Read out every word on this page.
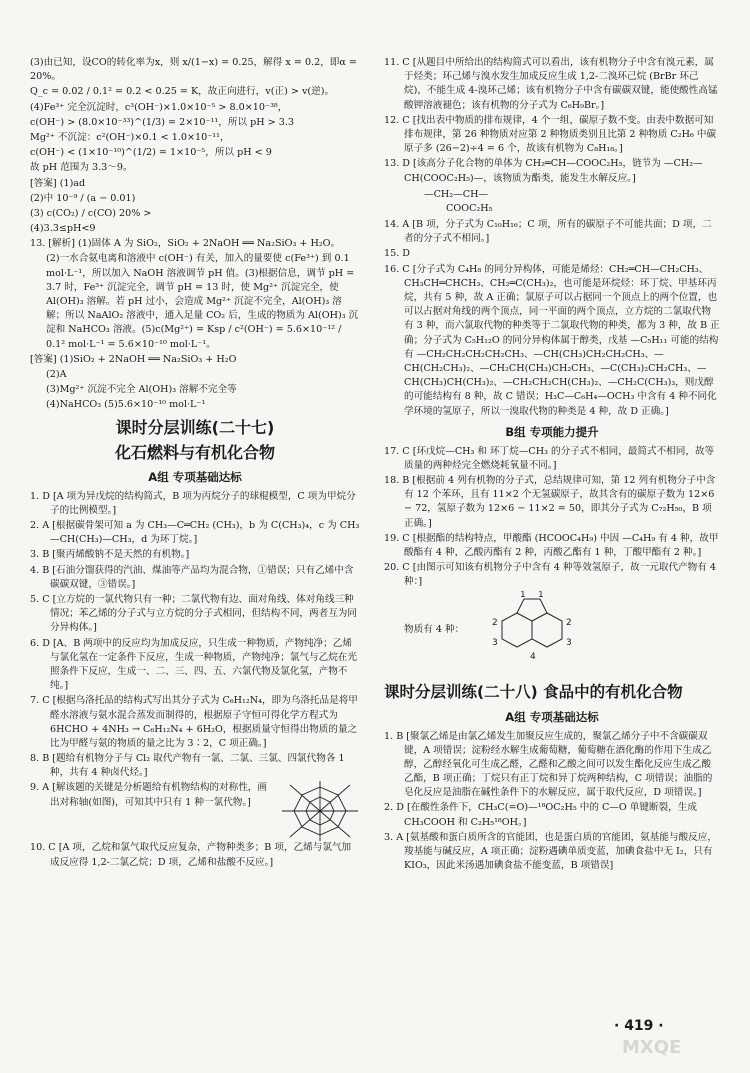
(3)由已知，设CO的转化率为x，则 x/(1−x) = 0.25，解得 x = 0.2，即α = 20%。

Q_c = 0.02 / 0.1² = 0.2 < 0.25 = K，故正向进行，v(正) > v(逆)。

(4)Fe³⁺ 完全沉淀时，c³(OH⁻)×1.0×10⁻⁵ > 8.0×10⁻³⁸，

c(OH⁻) > (8.0×10⁻³³)^(1/3) = 2×10⁻¹¹，所以 pH > 3.3

Mg²⁺ 不沉淀：c²(OH⁻)×0.1 < 1.0×10⁻¹¹，

c(OH⁻) < (1×10⁻¹⁰)^(1/2) = 1×10⁻⁵，所以 pH < 9

故 pH 范围为 3.3～9。

[答案] (1)ad

(2)中 10⁻⁹ / (a − 0.01)

(3) c(CO₂) / c(CO) 20% >

(4)3.3≤pH<9

13. [解析] (1)固体 A 为 SiO₂，SiO₂ + 2NaOH ══ Na₂SiO₃ + H₂O。

(2)一水合氨电离和溶液中 c(OH⁻) 有关，加入的量要使 c(Fe³⁺) 到 0.1 mol·L⁻¹，所以加入 NaOH 溶液调节 pH 值。(3)根据信息，调节 pH = 3.7 时，Fe³⁺ 沉淀完全，调节 pH = 13 时，使 Mg²⁺ 沉淀完全，使 Al(OH)₃ 溶解。若 pH 过小，会造成 Mg²⁺ 沉淀不完全，Al(OH)₃ 溶解；所以 NaAlO₂ 溶液中，通入足量 CO₂ 后，生成的物质为 Al(OH)₃ 沉淀和 NaHCO₃ 溶液。(5)c(Mg²⁺) = Ksp / c²(OH⁻) = 5.6×10⁻¹² / 0.1² mol·L⁻¹ = 5.6×10⁻¹⁰ mol·L⁻¹。

[答案] (1)SiO₂ + 2NaOH ══ Na₂SiO₃ + H₂O

(2)A

(3)Mg²⁺ 沉淀不完全 Al(OH)₃ 溶解不完全等

(4)NaHCO₃ (5)5.6×10⁻¹⁰ mol·L⁻¹

课时分层训练(二十七)
化石燃料与有机化合物
A组 专项基础达标

1. D [A 项为异戊烷的结构简式，B 项为丙烷分子的球棍模型，C 项为甲烷分子的比例模型。]

2. A [根据碳骨架可知 a 为 CH₃—C═CH₂ (CH₃)，b 为 C(CH₃)₄，c 为 CH₃—CH(CH₃)—CH₃，d 为环丁烷。]

3. B [聚丙烯酸钠不是天然的有机物。]

4. B [石油分馏获得的汽油、煤油等产品均为混合物，①错误；只有乙烯中含碳碳双键，③错误。]

5. C [立方烷的一氯代物只有一种；二氯代物有边、面对角线、体对角线三种情况；苯乙烯的分子式与立方烷的分子式相同，但结构不同，两者互为同分异构体。]

6. D [A、B 两项中的反应均为加成反应，只生成一种物质，产物纯净；乙烯与氯化氢在一定条件下反应，生成一种物质，产物纯净；氯气与乙烷在光照条件下反应，生成一、二、三、四、五、六氯代物及氯化氢，产物不纯。]

7. C [根据乌洛托品的结构式写出其分子式为 C₆H₁₂N₄，即为乌洛托品是将甲醛水溶液与氨水混合蒸发而制得的，根据原子守恒可得化学方程式为 6HCHO + 4NH₃ → C₆H₁₂N₄ + 6H₂O，根据质量守恒得出物质的量之比为甲醛与氨的物质的量之比为 3∶2，C 项正确。]

8. B [题给有机物分子与 Cl₂ 取代产物有一氯、二氯、三氯、四氯代物各 1 种，共有 4 种卤代烃。]

9. A [解该题的关键是分析题给有机物结构的对称性，画出对称轴(如图)，可知其中只有 1 种一氯代物。]

10. C [A 项，乙烷和氯气取代反应复杂，产物种类多；B 项，乙烯与氯气加成反应得 1,2-二氯乙烷；D 项，乙烯和盐酸不反应。]

11. C [从题目中所给出的结构简式可以看出，该有机物分子中含有溴元素，属于烃类；环己烯与溴水发生加成反应生成 1,2-二溴环己烷 (BrBr 环己烷)，不能生成 4-溴环己烯；该有机物分子中含有碳碳双键，能使酸性高锰酸钾溶液褪色；该有机物的分子式为 C₆H₉Br。]

12. C [找出表中物质的排布规律，4 个一组，碳原子数不变。由表中数据可知排布规律，第 26 种物质对应第 2 种物质类别且比第 2 种物质 C₂H₆ 中碳原子多 (26−2)÷4 = 6 个，故该有机物为 C₈H₁₈。]

13. D [该高分子化合物的单体为 CH₂═CH—COOC₂H₅，链节为 —CH₂—CH(COOC₂H₅)—，该物质为酯类，能发生水解反应。]

—CH₂—CH—
COOC₂H₅

14. A [B 项，分子式为 C₁₀H₁₆；C 项，所有的碳原子不可能共面；D 项，二者的分子式不相同。]

15. D

16. C [分子式为 C₄H₈ 的同分异构体，可能是烯烃：CH₂═CH—CH₂CH₃、CH₃CH═CHCH₃、CH₂═C(CH₃)₂，也可能是环烷烃：环丁烷、甲基环丙烷，共有 5 种，故 A 正确；氯原子可以占据同一个顶点上的两个位置，也可以占据对角线的两个顶点，同一平面的两个顶点，立方烷的二氯取代物有 3 种，而六氯取代物的种类等于二氯取代物的种类，都为 3 种，故 B 正确；分子式为 C₅H₁₂O 的同分异构体属于醇类，戊基 —C₅H₁₁ 可能的结构有 —CH₂CH₂CH₂CH₂CH₃、—CH(CH₃)CH₂CH₂CH₃、—CH(CH₂CH₃)₂、—CH₂CH(CH₃)CH₂CH₃、—C(CH₃)₂CH₂CH₃、—CH(CH₃)CH(CH₃)₂、—CH₂CH₂CH(CH₃)₂、—CH₂C(CH₃)₃，则戊醇的可能结构有 8 种，故 C 错误；H₃C—C₆H₄—OCH₃ 中含有 4 种不同化学环境的氢原子，所以一溴取代物的种类是 4 种，故 D 正确。]

B组 专项能力提升

17. C [环戊烷—CH₃ 和 环丁烷—CH₃ 的分子式不相同，最简式不相同，故等质量的两种烃完全燃烧耗氧量不同。]

18. B [根据前 4 列有机物的分子式，总结规律可知，第 12 列有机物分子中含有 12 个苯环，且有 11×2 个无氢碳原子，故其含有的碳原子数为 12×6 − 72，氢原子数为 12×6 − 11×2 = 50，即其分子式为 C₇₂H₅₀，B 项正确。]

19. C [根据酯的结构特点，甲酸酯 (HCOOC₄H₉) 中因 —C₄H₉ 有 4 种，故甲酸酯有 4 种，乙酸丙酯有 2 种，丙酸乙酯有 1 种，丁酸甲酯有 2 种。]

20. C [由图示可知该有机物分子中含有 4 种等效氢原子，故一元取代产物有 4 种：]

物质有 4 种：
1 1
2	2
3	3
4
课时分层训练(二十八) 食品中的有机化合物
A组 专项基础达标

1. B [聚氯乙烯是由氯乙烯发生加聚反应生成的，聚氯乙烯分子中不含碳碳双键，A 项错误；淀粉经水解生成葡萄糖，葡萄糖在酒化酶的作用下生成乙醇，乙醇经氧化可生成乙醛，乙醛和乙酸之间可以发生酯化反应生成乙酸乙酯，B 项正确；丁烷只有正丁烷和异丁烷两种结构，C 项错误；油脂的皂化反应是油脂在碱性条件下的水解反应，属于取代反应，D 项错误。]

2. D [在酸性条件下，CH₃C(=O)—¹⁸OC₂H₅ 中的 C—O 单键断裂，生成 CH₃COOH 和 C₂H₅¹⁸OH。]

3. A [氨基酸和蛋白质所含的官能团，也是蛋白质的官能团，氨基能与酸反应，羧基能与碱反应，A 项正确；淀粉遇碘单质变蓝，加碘食盐中无 I₂，只有 KIO₃，因此米汤遇加碘食盐不能变蓝，B 项错误]

· 419 ·
MXQE
